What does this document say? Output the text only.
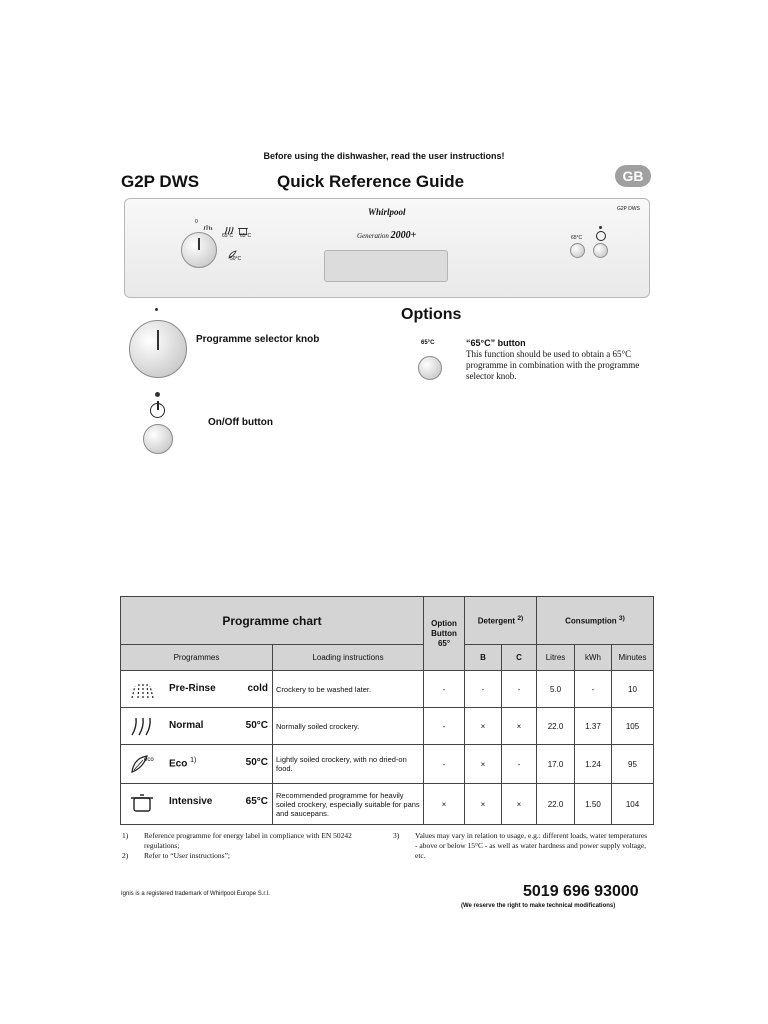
Before using the dishwasher, read the user instructions!
G2P DWS	Quick Reference Guide	GB
G2P DWS
Whirlpool
Generation 2000+
0
65°C 65°C
50°C
65°C
Programme selector knob
On/Off button
Options
65°C	“65°C” button
This function should be used to obtain a 65°C programme in combination with the programme selector knob.
Programme chart		Option Button 65°	Detergent $^{2)}$		Consumption $^{3)}$
Programmes	Loading instructions		B	C	Litres	kWh	Minutes

Pre-Rinse cold	Crockery to be washed later.	-	-	-	5.0	-	10

Normal 50°C	Normally soiled crockery.	-	×	×	22.0	1.37	105

eco Eco $^{1)}$ 50°C	Lightly soiled crockery, with no dried-on food.	-	×	-	17.0	1.24	95

Intensive 65°C	Recommended programme for heavily soiled crockery, especially suitable for pans and saucepans.	×	×	×	22.0	1.50	104
1)	Reference programme for energy label in compliance with EN 50242 regulations;
2)	Refer to “User instructions”;
3)	Values may vary in relation to usage, e.g.: different loads, water temperatures - above or below 15°C - as well as water hardness and power supply voltage, etc.
Ignis is a registered trademark of Whirlpool Europe S.r.l.	5019 696 93000
(We reserve the right to make technical modifications)
